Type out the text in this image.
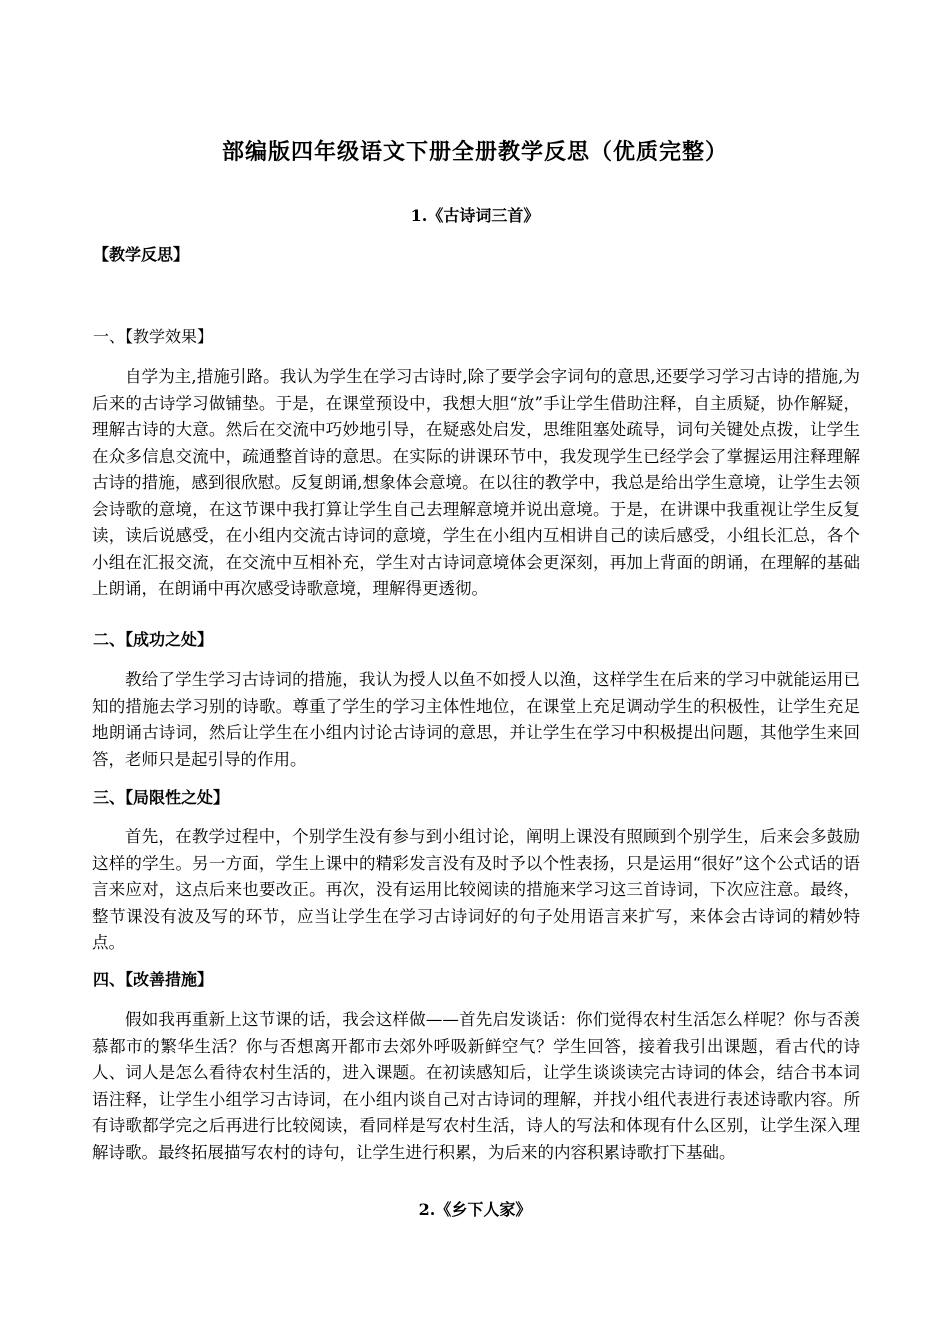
部编版四年级语文下册全册教学反思（优质完整）
1.《古诗词三首》

【教学反思】

一、【教学效果】

自学为主,措施引路。我认为学生在学习古诗时,除了要学会字词句的意思,还要学习学习古诗的措施,为后来的古诗学习做铺垫。于是，在课堂预设中，我想大胆“放”手让学生借助注释，自主质疑，协作解疑，理解古诗的大意。然后在交流中巧妙地引导，在疑惑处启发，思维阻塞处疏导，词句关键处点拨，让学生在众多信息交流中，疏通整首诗的意思。在实际的讲课环节中，我发现学生已经学会了掌握运用注释理解古诗的措施，感到很欣慰。反复朗诵,想象体会意境。在以往的教学中，我总是给出学生意境，让学生去领会诗歌的意境，在这节课中我打算让学生自己去理解意境并说出意境。于是，在讲课中我重视让学生反复读，读后说感受，在小组内交流古诗词的意境，学生在小组内互相讲自己的读后感受，小组长汇总，各个小组在汇报交流，在交流中互相补充，学生对古诗词意境体会更深刻，再加上背面的朗诵，在理解的基础上朗诵，在朗诵中再次感受诗歌意境，理解得更透彻。

二、【成功之处】

教给了学生学习古诗词的措施，我认为授人以鱼不如授人以渔，这样学生在后来的学习中就能运用已知的措施去学习别的诗歌。尊重了学生的学习主体性地位，在课堂上充足调动学生的积极性，让学生充足地朗诵古诗词，然后让学生在小组内讨论古诗词的意思，并让学生在学习中积极提出问题，其他学生来回答，老师只是起引导的作用。

三、【局限性之处】

首先，在教学过程中，个别学生没有参与到小组讨论，阐明上课没有照顾到个别学生，后来会多鼓励这样的学生。另一方面，学生上课中的精彩发言没有及时予以个性表扬，只是运用“很好”这个公式话的语言来应对，这点后来也要改正。再次，没有运用比较阅读的措施来学习这三首诗词，下次应注意。最终，整节课没有波及写的环节，应当让学生在学习古诗词好的句子处用语言来扩写，来体会古诗词的精妙特点。

四、【改善措施】

假如我再重新上这节课的话，我会这样做——首先启发谈话：你们觉得农村生活怎么样呢？你与否羡慕都市的繁华生活？你与否想离开都市去郊外呼吸新鲜空气？学生回答，接着我引出课题，看古代的诗人、词人是怎么看待农村生活的，进入课题。在初读感知后，让学生谈谈读完古诗词的体会，结合书本词语注释，让学生小组学习古诗词，在小组内谈自己对古诗词的理解，并找小组代表进行表述诗歌内容。所有诗歌都学完之后再进行比较阅读，看同样是写农村生活，诗人的写法和体现有什么区别，让学生深入理解诗歌。最终拓展描写农村的诗句，让学生进行积累，为后来的内容积累诗歌打下基础。

2.《乡下人家》
